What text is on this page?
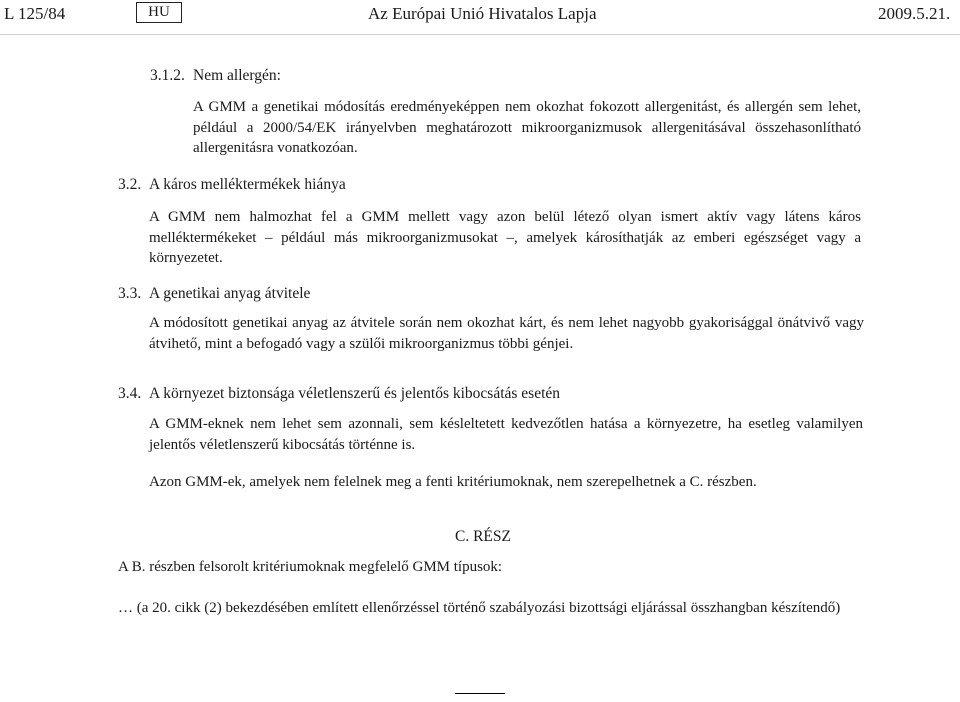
L 125/84	HU	Az Európai Unió Hivatalos Lapja	2009.5.21.
3.1.2. Nem allergén:
A GMM a genetikai módosítás eredményeképpen nem okozhat fokozott allergenitást, és allergén sem lehet, például a 2000/54/EK irányelvben meghatározott mikroorganizmusok allergenitásával összehasonlítható allergenitásra vonatkozóan.
3.2. A káros melléktermékek hiánya
A GMM nem halmozhat fel a GMM mellett vagy azon belül létező olyan ismert aktív vagy látens káros melléktermékeket – például más mikroorganizmusokat –, amelyek károsíthatják az emberi egészséget vagy a környezetet.
3.3. A genetikai anyag átvitele
A módosított genetikai anyag az átvitele során nem okozhat kárt, és nem lehet nagyobb gyakorisággal önátvivő vagy átvihető, mint a befogadó vagy a szülői mikroorganizmus többi génjei.
3.4. A környezet biztonsága véletlenszerű és jelentős kibocsátás esetén
A GMM-eknek nem lehet sem azonnali, sem késleltetett kedvezőtlen hatása a környezetre, ha esetleg valamilyen jelentős véletlenszerű kibocsátás történne is.
Azon GMM-ek, amelyek nem felelnek meg a fenti kritériumoknak, nem szerepelhetnek a C. részben.
C. RÉSZ
A B. részben felsorolt kritériumoknak megfelelő GMM típusok:
… (a 20. cikk (2) bekezdésében említett ellenőrzéssel történő szabályozási bizottsági eljárással összhangban készítendő)
